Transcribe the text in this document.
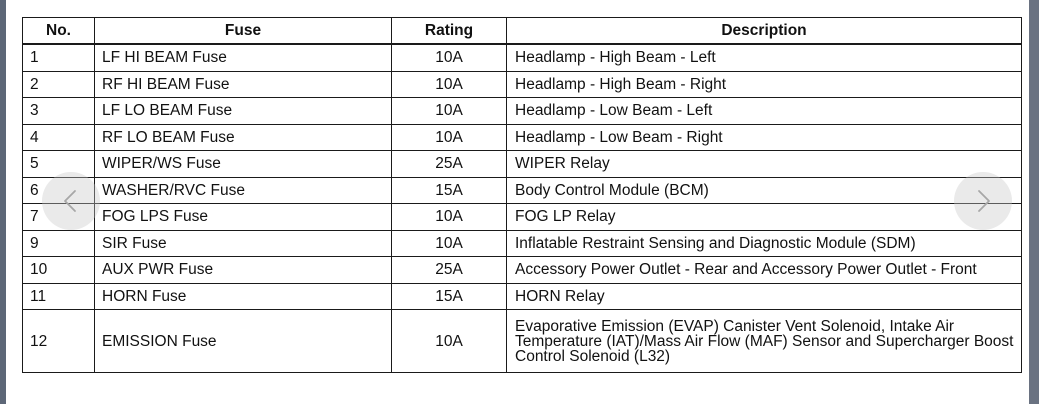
No.	Fuse	Rating	Description
1	LF HI BEAM Fuse	10A	Headlamp - High Beam - Left
2	RF HI BEAM Fuse	10A	Headlamp - High Beam - Right
3	LF LO BEAM Fuse	10A	Headlamp - Low Beam - Left
4	RF LO BEAM Fuse	10A	Headlamp - Low Beam - Right
5	WIPER/WS Fuse	25A	WIPER Relay
6	WASHER/RVC Fuse	15A	Body Control Module (BCM)
7	FOG LPS Fuse	10A	FOG LP Relay
9	SIR Fuse	10A	Inflatable Restraint Sensing and Diagnostic Module (SDM)
10	AUX PWR Fuse	25A	Accessory Power Outlet - Rear and Accessory Power Outlet - Front
11	HORN Fuse	15A	HORN Relay
12	EMISSION Fuse	10A	Evaporative Emission (EVAP) Canister Vent Solenoid, Intake Air Temperature (IAT)/Mass Air Flow (MAF) Sensor and Supercharger Boost Control Solenoid (L32)
